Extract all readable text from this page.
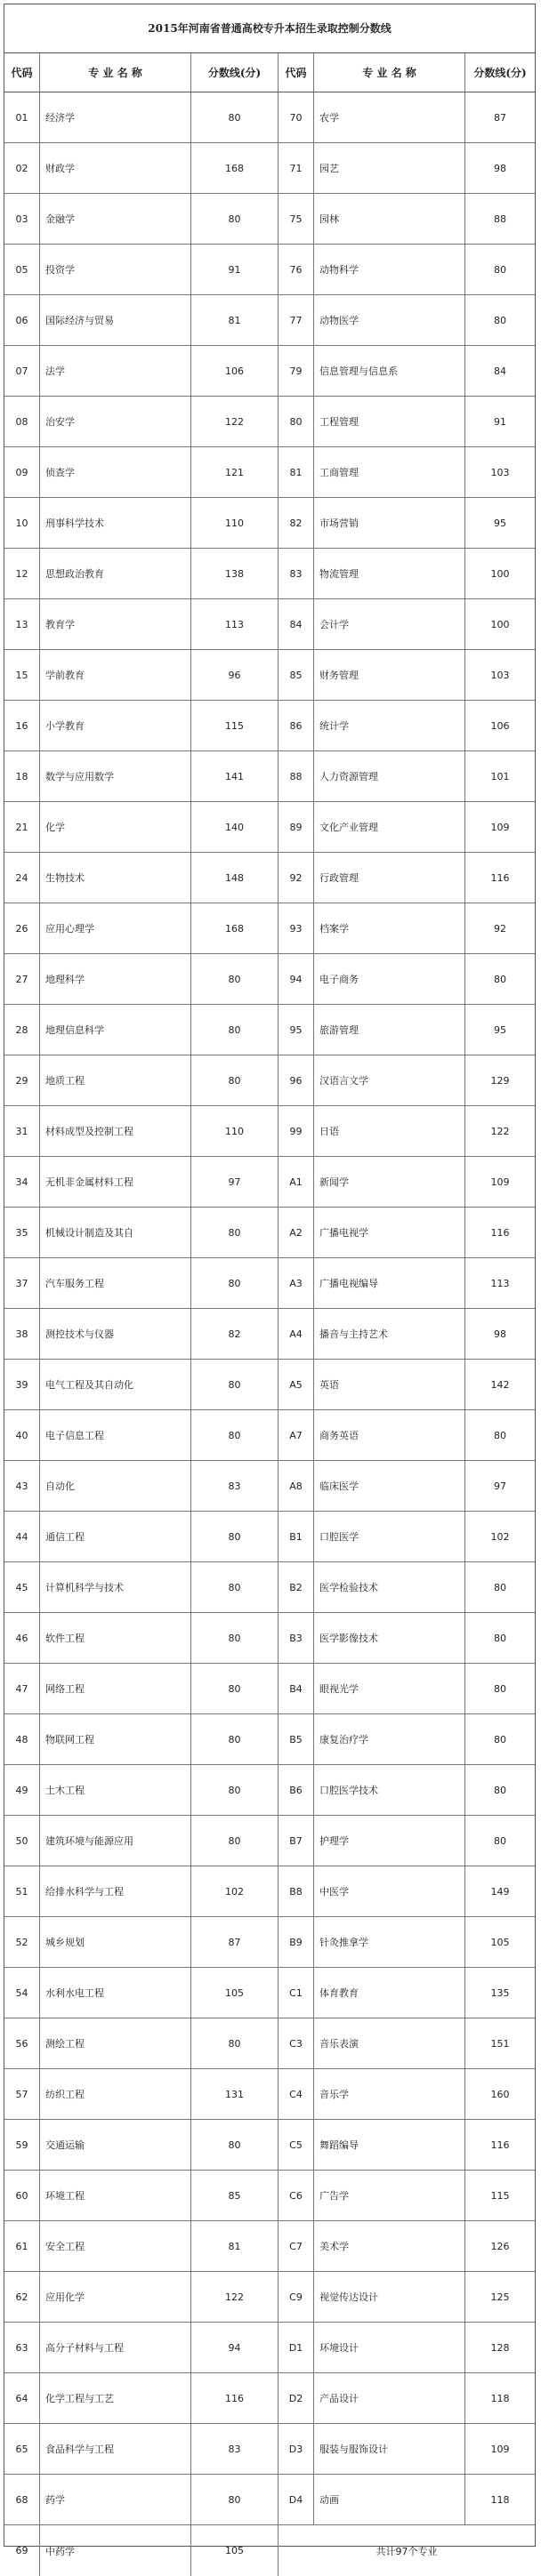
2015年河南省普通高校专升本招生录取控制分数线
代码	专 业 名 称	分数线(分)	代码	专 业 名 称	分数线(分)
01	经济学	80	70	农学	87
02	财政学	168	71	园艺	98
03	金融学	80	75	园林	88
05	投资学	91	76	动物科学	80
06	国际经济与贸易	81	77	动物医学	80
07	法学	106	79	信息管理与信息系	84
08	治安学	122	80	工程管理	91
09	侦查学	121	81	工商管理	103
10	刑事科学技术	110	82	市场营销	95
12	思想政治教育	138	83	物流管理	100
13	教育学	113	84	会计学	100
15	学前教育	96	85	财务管理	103
16	小学教育	115	86	统计学	106
18	数学与应用数学	141	88	人力资源管理	101
21	化学	140	89	文化产业管理	109
24	生物技术	148	92	行政管理	116
26	应用心理学	168	93	档案学	92
27	地理科学	80	94	电子商务	80
28	地理信息科学	80	95	旅游管理	95
29	地质工程	80	96	汉语言文学	129
31	材料成型及控制工程	110	99	日语	122
34	无机非金属材料工程	97	A1	新闻学	109
35	机械设计制造及其自	80	A2	广播电视学	116
37	汽车服务工程	80	A3	广播电视编导	113
38	测控技术与仪器	82	A4	播音与主持艺术	98
39	电气工程及其自动化	80	A5	英语	142
40	电子信息工程	80	A7	商务英语	80
43	自动化	83	A8	临床医学	97
44	通信工程	80	B1	口腔医学	102
45	计算机科学与技术	80	B2	医学检验技术	80
46	软件工程	80	B3	医学影像技术	80
47	网络工程	80	B4	眼视光学	80
48	物联网工程	80	B5	康复治疗学	80
49	土木工程	80	B6	口腔医学技术	80
50	建筑环境与能源应用	80	B7	护理学	80
51	给排水科学与工程	102	B8	中医学	149
52	城乡规划	87	B9	针灸推拿学	105
54	水利水电工程	105	C1	体育教育	135
56	测绘工程	80	C3	音乐表演	151
57	纺织工程	131	C4	音乐学	160
59	交通运输	80	C5	舞蹈编导	116
60	环境工程	85	C6	广告学	115
61	安全工程	81	C7	美术学	126
62	应用化学	122	C9	视觉传达设计	125
63	高分子材料与工程	94	D1	环境设计	128
64	化学工程与工艺	116	D2	产品设计	118
65	食品科学与工程	83	D3	服装与服饰设计	109
68	药学	80	D4	动画	118
69	中药学	105	共计97个专业
